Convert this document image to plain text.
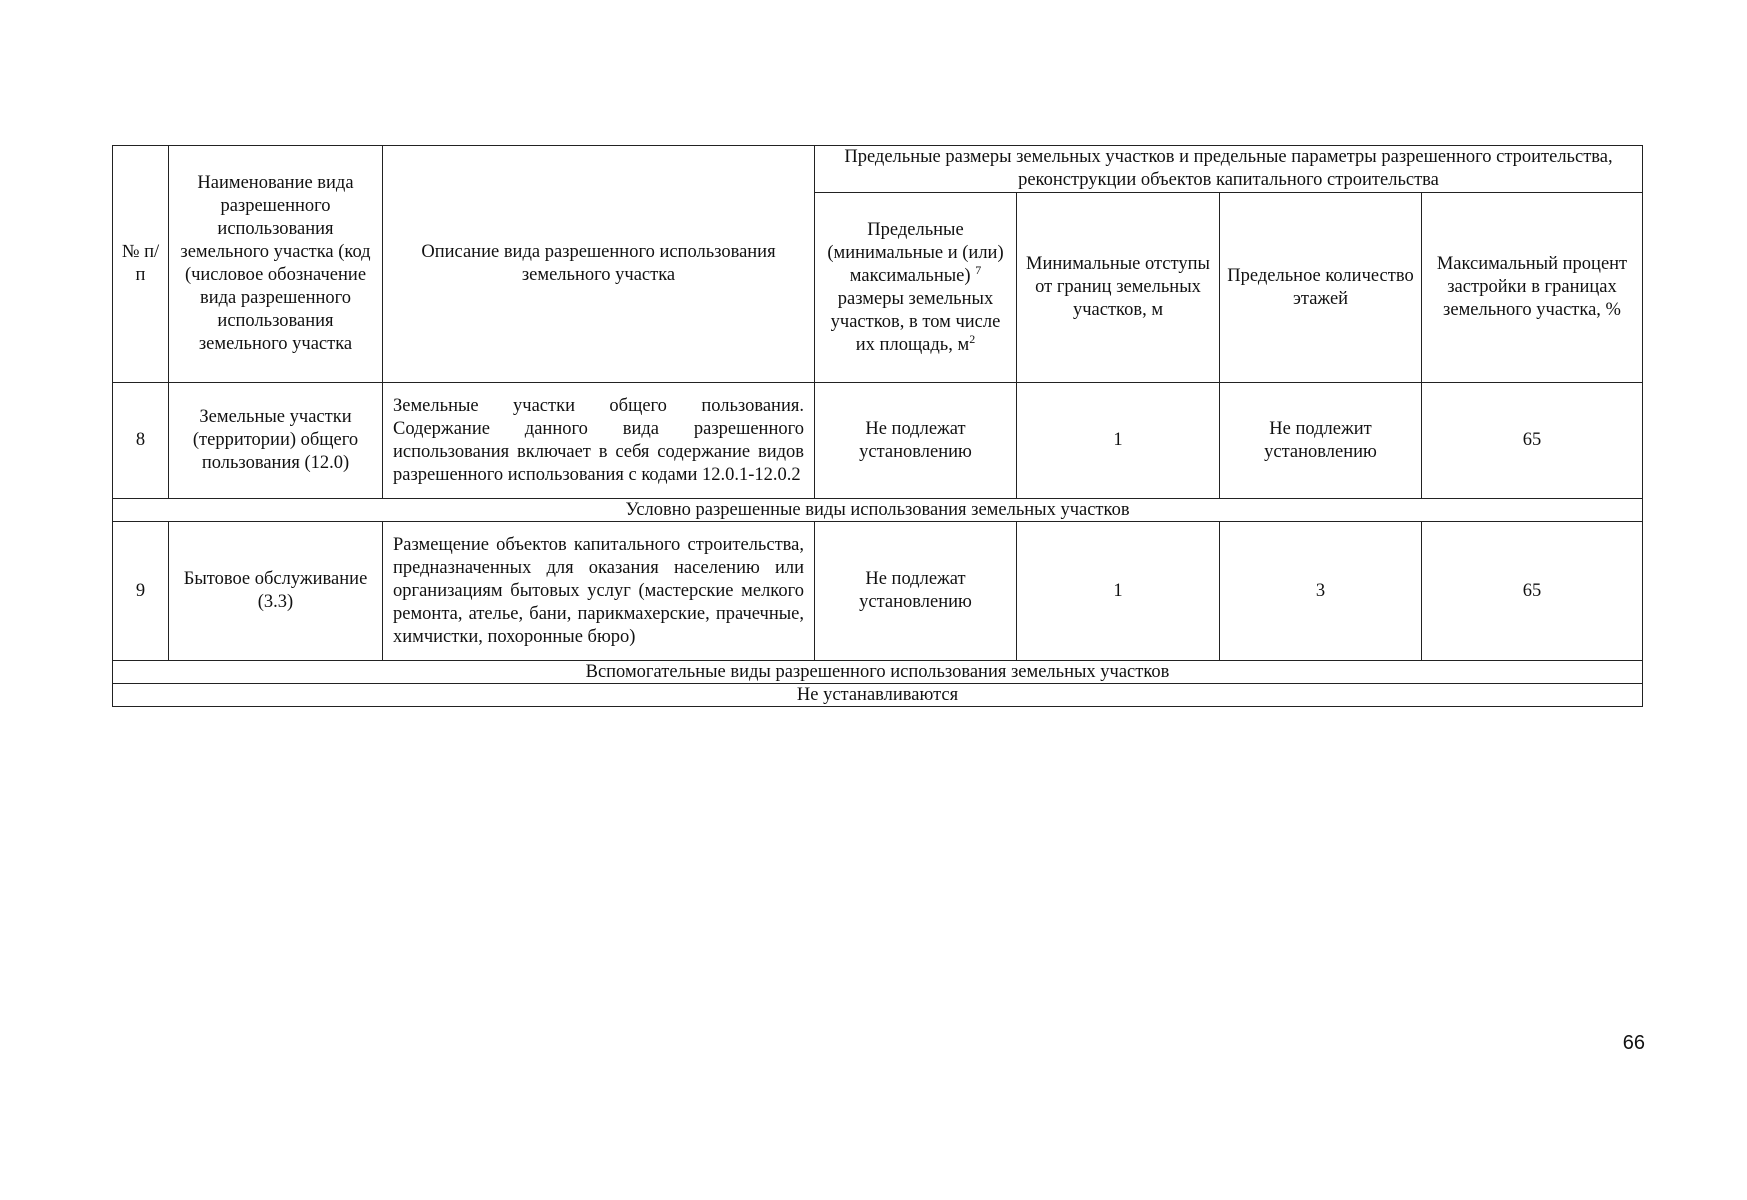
№ п/п	Наименование вида разрешенного использования земельного участка (код (числовое обозначение вида разрешенного использования земельного участка	Описание вида разрешенного использования земельного участка	Предельные размеры земельных участков и предельные параметры разрешенного строительства, реконструкции объектов капитального строительства			
			Предельные (минимальные и (или) максимальные) $^7$ размеры земельных участков, в том числе их площадь, $м^2$	Минимальные отступы от границ земельных участков, м	Предельное количество этажей	Максимальный процент застройки в границах земельного участка, %
8	Земельные участки (территории) общего пользования (12.0)	Земельные участки общего пользования. Содержание данного вида разрешенного использования включает в себя содержание видов разрешенного использования с кодами 12.0.1-12.0.2	Не подлежат установлению	1	Не подлежит установлению	65
Условно разрешенные виды использования земельных участков						
9	Бытовое обслуживание (3.3)	Размещение объектов капитального строительства, предназначенных для оказания населению или организациям бытовых услуг (мастерские мелкого ремонта, ателье, бани, парикмахерские, прачечные, химчистки, похоронные бюро)	Не подлежат установлению	1	3	65
Вспомогательные виды разрешенного использования земельных участков						
Не устанавливаются						
66
